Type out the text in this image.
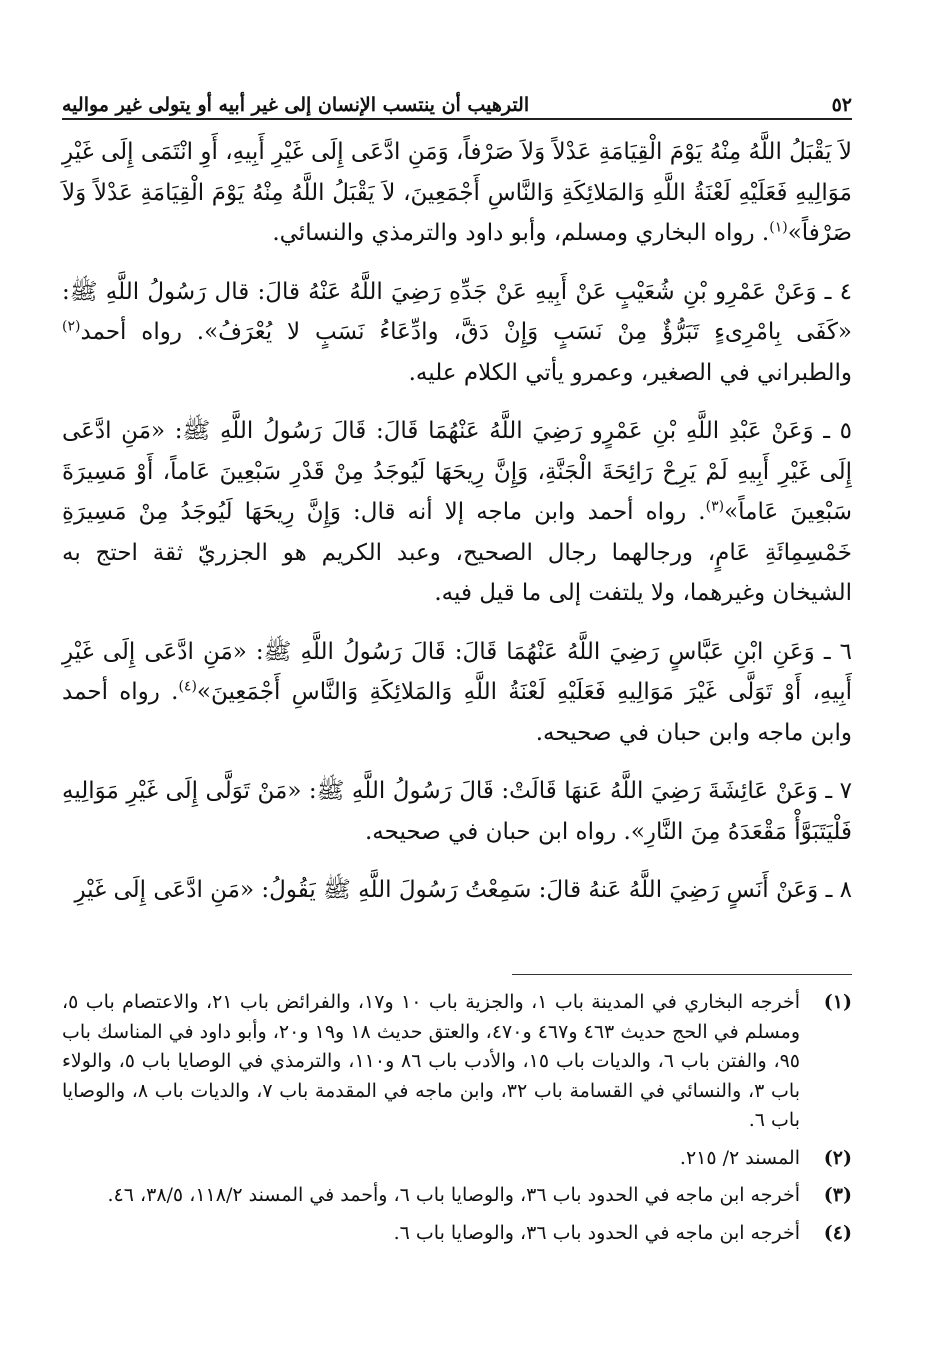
٥٢
الترهيب أن ينتسب الإنسان إلى غير أبيه أو يتولى غير مواليه

لاَ يَقْبَلُ اللَّهُ مِنْهُ يَوْمَ الْقِيَامَةِ عَدْلاً وَلاَ صَرْفاً، وَمَنِ ادَّعَى إِلَى غَيْرِ أَبِيهِ، أَوِ انْتَمَى إِلَى غَيْرِ مَوَالِيهِ فَعَلَيْهِ لَعْنَةُ اللَّهِ وَالمَلائِكَةِ وَالنَّاسِ أَجْمَعِينَ، لاَ يَقْبَلُ اللَّهُ مِنْهُ يَوْمَ الْقِيَامَةِ عَدْلاً وَلاَ صَرْفاً»$^{(١)}$. رواه البخاري ومسلم، وأبو داود والترمذي والنسائي.

٤ ـ وَعَنْ عَمْرِو بْنِ شُعَيْبٍ عَنْ أَبِيهِ عَنْ جَدِّهِ رَضِيَ اللَّهُ عَنْهُ قالَ: قال رَسُولُ اللَّهِ ﷺ: «كَفَى بِامْرِىءٍ تَبَرُّؤٌ مِنْ نَسَبٍ وَإِنْ دَقَّ، وادِّعَاءُ نَسَبٍ لا يُعْرَفُ». رواه أحمد$^{(٢)}$ والطبراني في الصغير، وعمرو يأتي الكلام عليه.

٥ ـ وَعَنْ عَبْدِ اللَّهِ بْنِ عَمْرٍو رَضِيَ اللَّهُ عَنْهُمَا قَالَ: قَالَ رَسُولُ اللَّهِ ﷺ: «مَنِ ادَّعَى إِلَى غَيْرِ أَبِيهِ لَمْ يَرِحْ رَائِحَةَ الْجَنَّةِ، وَإِنَّ رِيحَهَا لَيُوجَدُ مِنْ قَدْرِ سَبْعِينَ عَاماً، أَوْ مَسِيرَةَ سَبْعِينَ عَاماً»$^{(٣)}$. رواه أحمد وابن ماجه إلا أنه قال: وَإِنَّ رِيحَهَا لَيُوجَدُ مِنْ مَسِيرَةِ خَمْسِمِائَةِ عَامٍ، ورجالهما رجال الصحيح، وعبد الكريم هو الجزريّ ثقة احتج به الشيخان وغيرهما، ولا يلتفت إلى ما قيل فيه.

٦ ـ وَعَنِ ابْنِ عَبَّاسٍ رَضِيَ اللَّهُ عَنْهُمَا قَالَ: قَالَ رَسُولُ اللَّهِ ﷺ: «مَنِ ادَّعَى إِلَى غَيْرِ أَبِيهِ، أَوْ تَوَلَّى غَيْرَ مَوَالِيهِ فَعَلَيْهِ لَعْنَةُ اللَّهِ وَالمَلائِكَةِ وَالنَّاسِ أَجْمَعِينَ»$^{(٤)}$. رواه أحمد وابن ماجه وابن حبان في صحيحه.

٧ ـ وَعَنْ عَائِشَةَ رَضِيَ اللَّهُ عَنهَا قَالَتْ: قَالَ رَسُولُ اللَّهِ ﷺ: «مَنْ تَوَلَّى إِلَى غَيْرِ مَوَالِيهِ فَلْيَتَبَوَّأْ مَقْعَدَهُ مِنَ النَّارِ». رواه ابن حبان في صحيحه.

٨ ـ وَعَنْ أَنَسٍ رَضِيَ اللَّهُ عَنهُ قالَ: سَمِعْتُ رَسُولَ اللَّهِ ﷺ يَقُولُ: «مَنِ ادَّعَى إِلَى غَيْرِ

(١)
أخرجه البخاري في المدينة باب ١، والجزية باب ١٠ و١٧، والفرائض باب ٢١، والاعتصام باب ٥، ومسلم في الحج حديث ٤٦٣ و٤٦٧ و٤٧٠، والعتق حديث ١٨ و١٩ و٢٠، وأبو داود في المناسك باب ٩٥، والفتن باب ٦، والديات باب ١٥، والأدب باب ٨٦ و١١٠، والترمذي في الوصايا باب ٥، والولاء باب ٣، والنسائي في القسامة باب ٣٢، وابن ماجه في المقدمة باب ٧، والديات باب ٨، والوصايا باب ٦.
(٢)
المسند ٢/ ٢١٥.
(٣)
أخرجه ابن ماجه في الحدود باب ٣٦، والوصايا باب ٦، وأحمد في المسند ١١٨/٢، ٣٨/٥، ٤٦.
(٤)
أخرجه ابن ماجه في الحدود باب ٣٦، والوصايا باب ٦.
